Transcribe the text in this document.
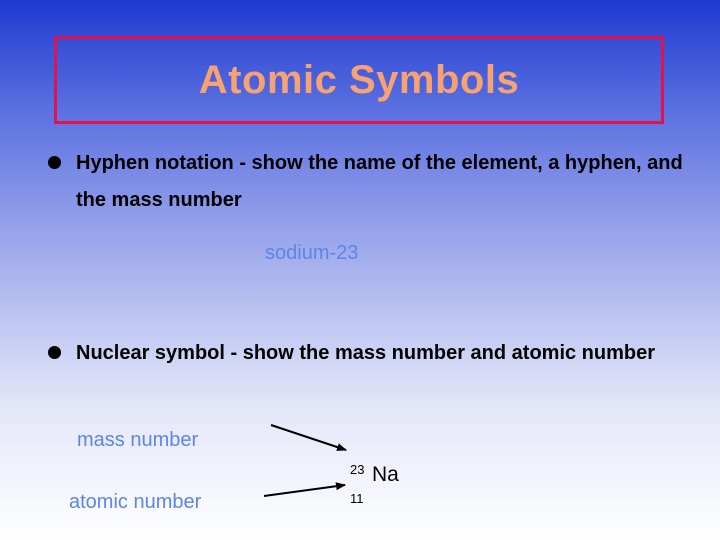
Atomic Symbols
Hyphen notation - show the name of the element, a hyphen, and the mass number
sodium-23
Nuclear symbol - show the mass number and atomic number
mass number
atomic number
23 Na
11
